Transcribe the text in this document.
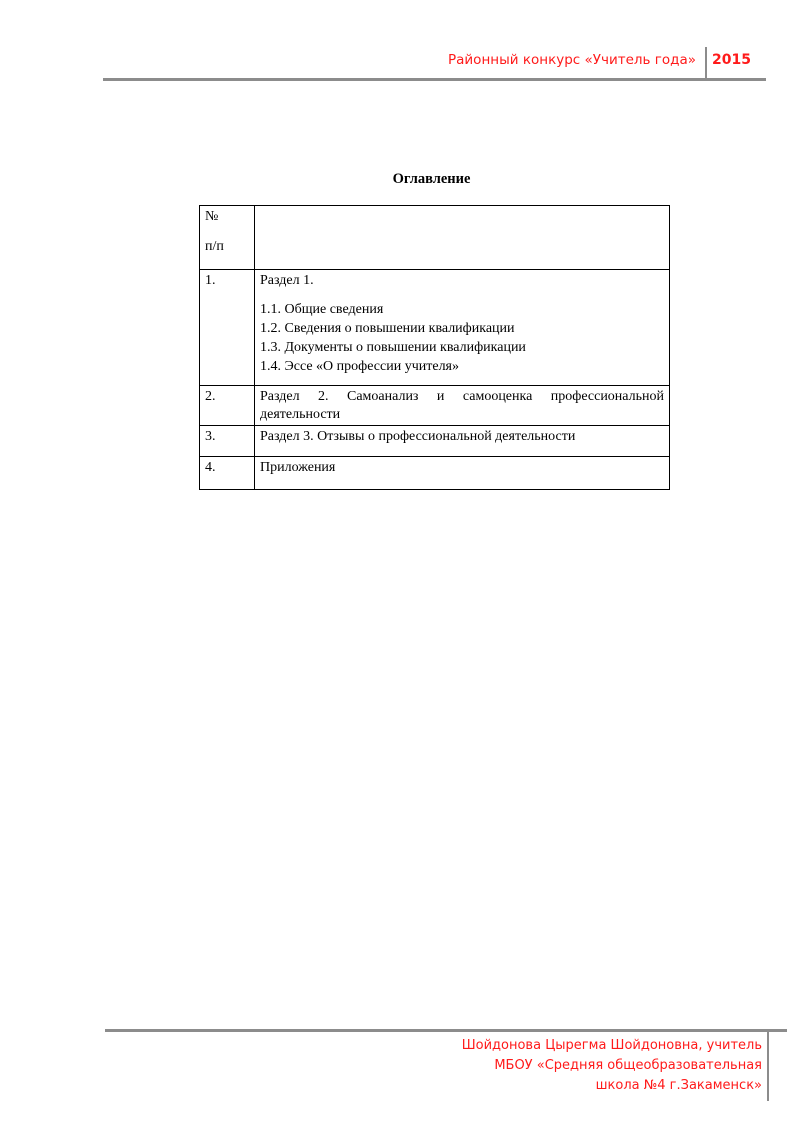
Районный конкурс «Учитель года» 2015
Оглавление

№

п/п	

1.	Раздел 1.
1.1. Общие сведения
1.2. Сведения о повышении квалификации
1.3. Документы о повышении квалификации
1.4. Эссе «О профессии учителя»

2.	Раздел 2. Самоанализ и самооценка профессиональной деятельности
3.	Раздел 3. Отзывы о профессиональной деятельности
4.	Приложения
Шойдонова Цырегма Шойдоновна, учитель
МБОУ «Средняя общеобразовательная
школа №4 г.Закаменск»
